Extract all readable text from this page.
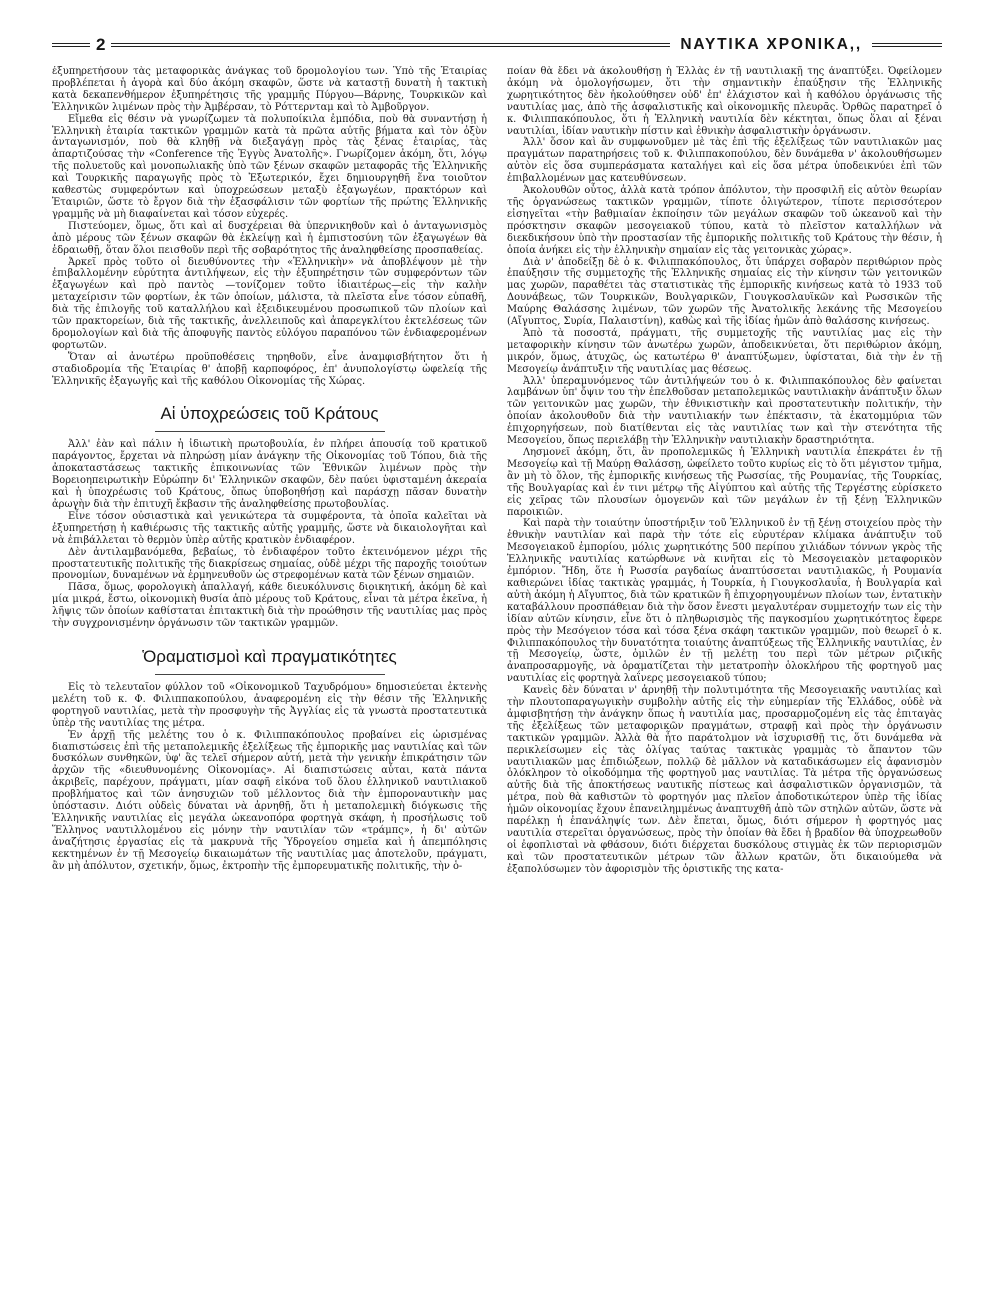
2	ΝΑΥΤΙΚΑ ΧΡΟΝΙΚΑ,,

ἐξυπηρετήσουν τὰς μεταφορικὰς ἀνάγκας τοῦ δρομολογίου των. Ὑπὸ τῆς Ἑταιρίας προβλέπεται ἡ ἀγορὰ καὶ δύο ἀκόμη σκαφῶν, ὥστε νὰ καταστῇ δυνατὴ ἡ τακτικὴ κατὰ δεκαπενθήμερον ἐξυπηρέτησις τῆς γραμμῆς Πύργου—Βάρνης, Τουρκικῶν καὶ Ἑλληνικῶν λιμένων πρὸς τὴν Ἀμβέρσαν, τὸ Ρόττερνταμ καὶ τὸ Ἀμβοῦργον.

Εἴμεθα εἰς θέσιν νὰ γνωρίζωμεν τὰ πολυποίκιλα ἐμπόδια, ποὺ θὰ συναντήσῃ ἡ Ἑλληνικὴ ἑταιρία τακτικῶν γραμμῶν κατὰ τὰ πρῶτα αὐτῆς βήματα καὶ τὸν ὀξὺν ἀνταγωνισμόν, ποὺ θὰ κληθῇ νὰ διεξαγάγῃ πρὸς τὰς ξένας ἑταιρίας, τὰς ἀπαρτιζούσας τὴν «Conference τῆς Ἐγγὺς Ἀνατολῆς». Γνωρίζομεν ἀκόμη, ὅτι, λόγῳ τῆς πολυετοῦς καὶ μονοπωλιακῆς ὑπὸ τῶν ξένων σκαφῶν μεταφορᾶς τῆς Ἑλληνικῆς καὶ Τουρκικῆς παραγωγῆς πρὸς τὸ Ἐξωτερικόν, ἔχει δημιουργηθῆ ἕνα τοιοῦτον καθεστὼς συμφερόντων καὶ ὑποχρεώσεων μεταξὺ ἐξαγωγέων, πρακτόρων καὶ Ἑταιριῶν, ὥστε τὸ ἔργον διὰ τὴν ἐξασφάλισιν τῶν φορτίων τῆς πρώτης Ἑλληνικῆς γραμμῆς νὰ μὴ διαφαίνεται καὶ τόσον εὐχερές.

Πιστεύομεν, ὅμως, ὅτι καὶ αἱ δυσχέρειαι θὰ ὑπερνικηθοῦν καὶ ὁ ἀνταγωνισμὸς ἀπὸ μέρους τῶν ξένων σκαφῶν θὰ ἐκλείψῃ καὶ ἡ ἐμπιστοσύνη τῶν ἐξαγωγέων θὰ ἑδραιωθῇ, ὅταν ὅλοι πεισθοῦν περὶ τῆς σοβαρότητος τῆς ἀναληφθείσης προσπαθείας.

Ἀρκεῖ πρὸς τοῦτο οἱ διευθύνοντες τὴν «Ἑλληνικὴν» νὰ ἀποβλέψουν μὲ τὴν ἐπιβαλλομένην εὐρύτητα ἀντιλήψεων, εἰς τὴν ἐξυπηρέτησιν τῶν συμφερόντων τῶν ἐξαγωγέων καὶ πρὸ παντὸς —τονίζομεν τοῦτο ἰδιαιτέρως—εἰς τὴν καλὴν μεταχείρισιν τῶν φορτίων, ἐκ τῶν ὁποίων, μάλιστα, τὰ πλεῖστα εἶνε τόσον εὐπαθῆ, διὰ τῆς ἐπιλογῆς τοῦ καταλλήλου καὶ ἐξειδικευμένου προσωπικοῦ τῶν πλοίων καὶ τῶν πρακτορείων, διὰ τῆς τακτικῆς, ἀνελλειποῦς καὶ ἀπαρεγκλίτου ἐκτελέσεως τῶν δρομολογίων καὶ διὰ τῆς ἀποφυγῆς παντὸς εὐλόγου παραπόνου τῶν ἐνδιαφερομένων φορτωτῶν.

Ὅταν αἱ ἀνωτέρω προϋποθέσεις τηρηθοῦν, εἶνε ἀναμφισβήτητον ὅτι ἡ σταδιοδρομία τῆς Ἑταιρίας θ' ἀποβῇ καρποφόρος, ἐπ' ἀνυπολογίστῳ ὠφελείᾳ τῆς Ἑλληνικῆς ἐξαγωγῆς καὶ τῆς καθόλου Οἰκονομίας τῆς Χώρας.

Αἱ ὑποχρεώσεις τοῦ Κράτους

Ἀλλ' ἐὰν καὶ πάλιν ἡ ἰδιωτικὴ πρωτοβουλία, ἐν πλήρει ἀπουσίᾳ τοῦ κρατικοῦ παράγοντος, ἔρχεται νὰ πληρώσῃ μίαν ἀνάγκην τῆς Οἰκονομίας τοῦ Τόπου, διὰ τῆς ἀποκαταστάσεως τακτικῆς ἐπικοινωνίας τῶν Ἐθνικῶν λιμένων πρὸς τὴν Βορειοηπειρωτικὴν Εὐρώπην δι' Ἑλληνικῶν σκαφῶν, δὲν παύει ὑφισταμένη ἀκεραία καὶ ἡ ὑποχρέωσις τοῦ Κράτους, ὅπως ὑποβοηθήσῃ καὶ παράσχῃ πᾶσαν δυνατὴν ἀρωγὴν διὰ τὴν ἐπιτυχῆ ἔκβασιν τῆς ἀναληφθείσης πρωτοβουλίας.

Εἶνε τόσον οὐσιαστικὰ καὶ γενικώτερα τὰ συμφέροντα, τὰ ὁποῖα καλεῖται νὰ ἐξυπηρετήσῃ ἡ καθιέρωσις τῆς τακτικῆς αὐτῆς γραμμῆς, ὥστε νὰ δικαιολογῆται καὶ νὰ ἐπιβάλλεται τὸ θερμὸν ὑπὲρ αὐτῆς κρατικὸν ἐνδιαφέρον.

Δὲν ἀντιλαμβανόμεθα, βεβαίως, τὸ ἐνδιαφέρον τοῦτο ἐκτεινόμενον μέχρι τῆς προστατευτικῆς πολιτικῆς τῆς διακρίσεως σημαίας, οὐδὲ μέχρι τῆς παροχῆς τοιούτων προνομίων, δυναμένων νὰ ἑρμηνευθοῦν ὡς στρεφομένων κατὰ τῶν ξένων σημαιῶν.

Πᾶσα, ὅμως, φορολογικὴ ἀπαλλαγή, κάθε διευκόλυνσις διοικητική, ἀκόμη δὲ καὶ μία μικρά, ἔστω, οἰκονομικὴ θυσία ἀπὸ μέρους τοῦ Κράτους, εἶναι τὰ μέτρα ἐκεῖνα, ἡ λῆψις τῶν ὁποίων καθίσταται ἐπιτακτικὴ διὰ τὴν προώθησιν τῆς ναυτιλίας μας πρὸς τὴν συγχρονισμένην ὀργάνωσιν τῶν τακτικῶν γραμμῶν.

Ὁραματισμοὶ καὶ πραγματικότητες

Εἰς τὸ τελευταῖον φύλλον τοῦ «Οἰκονομικοῦ Ταχυδρόμου» δημοσιεύεται ἐκτενὴς μελέτη τοῦ κ. Φ. Φιλιππακοπούλου, ἀναφερομένη εἰς τὴν θέσιν τῆς Ἑλληνικῆς φορτηγοῦ ναυτιλίας, μετὰ τὴν προσφυγὴν τῆς Ἀγγλίας εἰς τὰ γνωστὰ προστατευτικὰ ὑπὲρ τῆς ναυτιλίας της μέτρα.

Ἐν ἀρχῇ τῆς μελέτης του ὁ κ. Φιλιππακόπουλος προβαίνει εἰς ὡρισμένας διαπιστώσεις ἐπὶ τῆς μεταπολεμικῆς ἐξελίξεως τῆς ἐμπορικῆς μας ναυτιλίας καὶ τῶν δυσκόλων συνθηκῶν, ὑφ' ἃς τελεῖ σήμερον αὐτή, μετὰ τὴν γενικὴν ἐπικράτησιν τῶν ἀρχῶν τῆς «διευθυνομένης Οἰκονομίας». Αἱ διαπιστώσεις αὗται, κατὰ πάντα ἀκριβεῖς, παρέχουν, πράγματι, μίαν σαφῆ εἰκόνα τοῦ ὅλου ἑλληνικοῦ ναυτιλιακοῦ προβλήματος καὶ τῶν ἀνησυχιῶν τοῦ μέλλοντος διὰ τὴν ἐμποροναυτικὴν μας ὑπόστασιν. Διότι οὐδεὶς δύναται νὰ ἀρνηθῇ, ὅτι ἡ μεταπολεμικὴ διόγκωσις τῆς Ἑλληνικῆς ναυτιλίας εἰς μεγάλα ὠκεανοπόρα φορτηγὰ σκάφη, ἡ προσήλωσις τοῦ Ἕλληνος ναυτιλλομένου εἰς μόνην τὴν ναυτιλίαν τῶν «τράμπς», ἡ δι' αὐτῶν ἀναζήτησις ἐργασίας εἰς τὰ μακρυνὰ τῆς Ὑδρογείου σημεῖα καὶ ἡ ἀπεμπόλησις κεκτημένων ἐν τῇ Μεσογείῳ δικαιωμάτων τῆς ναυτιλίας μας ἀποτελοῦν, πράγματι, ἂν μὴ ἀπόλυτον, σχετικήν, ὅμως, ἐκτροπὴν τῆς ἐμπορευματικῆς πολιτικῆς, τὴν ὁ-

ποίαν θὰ ἔδει νὰ ἀκολουθήσῃ ἡ Ἑλλὰς ἐν τῇ ναυτιλιακῇ της ἀναπτύξει. Ὀφείλομεν ἀκόμη νὰ ὁμολογήσωμεν, ὅτι τὴν σημαντικὴν ἐπαύξησιν τῆς Ἑλληνικῆς χωρητικότητος δὲν ἠκολούθησεν οὐδ' ἐπ' ἐλάχιστον καὶ ἡ καθόλου ὀργάνωσις τῆς ναυτιλίας μας, ἀπὸ τῆς ἀσφαλιστικῆς καὶ οἰκονομικῆς πλευρᾶς. Ὀρθῶς παρατηρεῖ ὁ κ. Φιλιππακόπουλος, ὅτι ἡ Ἑλληνικὴ ναυτιλία δὲν κέκτηται, ὅπως ὅλαι αἱ ξέναι ναυτιλίαι, ἰδίαν ναυτικὴν πίστιν καὶ ἐθνικὴν ἀσφαλιστικὴν ὀργάνωσιν.

Ἀλλ' ὅσον καὶ ἂν συμφωνοῦμεν μὲ τὰς ἐπὶ τῆς ἐξελίξεως τῶν ναυτιλιακῶν μας πραγμάτων παρατηρήσεις τοῦ κ. Φιλιππακοπούλου, δὲν δυνάμεθα ν' ἀκολουθήσωμεν αὐτὸν εἰς ὅσα συμπεράσματα καταλήγει καὶ εἰς ὅσα μέτρα ὑποδεικνύει ἐπὶ τῶν ἐπιβαλλομένων μας κατευθύνσεων.

Ἀκολουθῶν οὗτος, ἀλλὰ κατὰ τρόπον ἀπόλυτον, τὴν προσφιλῆ εἰς αὐτὸν θεωρίαν τῆς ὀργανώσεως τακτικῶν γραμμῶν, τίποτε ὀλιγώτερον, τίποτε περισσότερον εἰσηγεῖται «τὴν βαθμιαίαν ἐκποίησιν τῶν μεγάλων σκαφῶν τοῦ ὠκεανοῦ καὶ τὴν πρόσκτησιν σκαφῶν μεσογειακοῦ τύπου, κατὰ τὸ πλεῖστον καταλλήλων νὰ διεκδικήσουν ὑπὸ τὴν προστασίαν τῆς ἐμπορικῆς πολιτικῆς τοῦ Κράτους τὴν θέσιν, ἡ ὁποία ἀνήκει εἰς τὴν ἑλληνικὴν σημαίαν εἰς τὰς γειτονικὰς χώρας».

Διὰ ν' ἀποδείξῃ δὲ ὁ κ. Φιλιππακόπουλος, ὅτι ὑπάρχει σοβαρὸν περιθώριον πρὸς ἐπαύξησιν τῆς συμμετοχῆς τῆς Ἑλληνικῆς σημαίας εἰς τὴν κίνησιν τῶν γειτονικῶν μας χωρῶν, παραθέτει τὰς στατιστικὰς τῆς ἐμπορικῆς κινήσεως κατὰ τὸ 1933 τοῦ Δουνάβεως, τῶν Τουρκικῶν, Βουλγαρικῶν, Γιουγκοσλαυϊκῶν καὶ Ρωσσικῶν τῆς Μαύρης Θαλάσσης λιμένων, τῶν χωρῶν τῆς Ἀνατολικῆς λεκάνης τῆς Μεσογείου (Αἴγυπτος, Συρία, Παλαιστίνη), καθὼς καὶ τῆς ἰδίας ἡμῶν ἀπὸ θαλάσσης κινήσεως.

Ἀπὸ τὰ ποσοστά, πράγματι, τῆς συμμετοχῆς τῆς ναυτιλίας μας εἰς τὴν μεταφορικὴν κίνησιν τῶν ἀνωτέρω χωρῶν, ἀποδεικνύεται, ὅτι περιθώριον ἀκόμη, μικρόν, ὅμως, ἀτυχῶς, ὡς κατωτέρω θ' ἀναπτύξωμεν, ὑφίσταται, διὰ τὴν ἐν τῇ Μεσογείῳ ἀνάπτυξιν τῆς ναυτιλίας μας θέσεως.

Ἀλλ' ὑπεραμυνόμενος τῶν ἀντιλήψεών του ὁ κ. Φιλιππακόπουλος δὲν φαίνεται λαμβάνων ὑπ' ὄψιν του τὴν ἐπελθοῦσαν μεταπολεμικῶς ναυτιλιακὴν ἀνάπτυξιν ὅλων τῶν γειτονικῶν μας χωρῶν, τὴν ἐθνικιστικὴν καὶ προστατευτικὴν πολιτικήν, τὴν ὁποίαν ἀκολουθοῦν διὰ τὴν ναυτιλιακήν των ἐπέκτασιν, τὰ ἑκατομμύρια τῶν ἐπιχορηγήσεων, ποὺ διατίθενται εἰς τὰς ναυτιλίας των καὶ τὴν στενότητα τῆς Μεσογείου, ὅπως περιελάβῃ τὴν Ἑλληνικὴν ναυτιλιακὴν δραστηριότητα.

Λησμονεῖ ἀκόμη, ὅτι, ἂν προπολεμικῶς ἡ Ἑλληνικὴ ναυτιλία ἐπεκράτει ἐν τῇ Μεσογείῳ καὶ τῇ Μαύρῃ Θαλάσσῃ, ὠφείλετο τοῦτο κυρίως εἰς τὸ ὅτι μέγιστον τμῆμα, ἂν μὴ τὸ ὅλον, τῆς ἐμπορικῆς κινήσεως τῆς Ρωσσίας, τῆς Ρουμανίας, τῆς Τουρκίας, τῆς Βουλγαρίας καὶ ἐν τινι μέτρῳ τῆς Αἰγύπτου καὶ αὐτῆς τῆς Τεργέστης εὑρίσκετο εἰς χεῖρας τῶν πλουσίων ὁμογενῶν καὶ τῶν μεγάλων ἐν τῇ ξένῃ Ἑλληνικῶν παροικιῶν.

Καὶ παρὰ τὴν τοιαύτην ὑποστήριξιν τοῦ Ἑλληνικοῦ ἐν τῇ ξένῃ στοιχείου πρὸς τὴν ἐθνικὴν ναυτιλίαν καὶ παρὰ τὴν τότε εἰς εὐρυτέραν κλίμακα ἀνάπτυξιν τοῦ Μεσογειακοῦ ἐμπορίου, μόλις χωρητικότης 500 περίπου χιλιάδων τόννων γκρὸς τῆς Ἑλληνικῆς ναυτιλίας κατώρθωνε νὰ κινῆται εἰς τὸ Μεσογειακὸν μεταφορικὸν ἐμπόριον. Ἤδη, ὅτε ἡ Ρωσσία ραγδαίως ἀναπτύσσεται ναυτιλιακῶς, ἡ Ρουμανία καθιερώνει ἰδίας τακτικὰς γραμμάς, ἡ Τουρκία, ἡ Γιουγκοσλαυΐα, ἡ Βουλγαρία καὶ αὐτὴ ἀκόμη ἡ Αἴγυπτος, διὰ τῶν κρατικῶν ἢ ἐπιχορηγουμένων πλοίων των, ἐντατικὴν καταβάλλουν προσπάθειαν διὰ τὴν ὅσον ἔνεστι μεγαλυτέραν συμμετοχήν των εἰς τὴν ἰδίαν αὐτῶν κίνησιν, εἶνε ὅτι ὁ πληθωρισμὸς τῆς παγκοσμίου χωρητικότητος ἔφερε πρὸς τὴν Μεσόγειον τόσα καὶ τόσα ξένα σκάφη τακτικῶν γραμμῶν, ποὺ θεωρεῖ ὁ κ. Φιλιππακόπουλος τὴν δυνατότητα τοιαύτης ἀναπτύξεως τῆς Ἑλληνικῆς ναυτιλίας, ἐν τῇ Μεσογείῳ, ὥστε, ὁμιλῶν ἐν τῇ μελέτῃ του περὶ τῶν μέτρων ριζικῆς ἀναπροσαρμογῆς, νὰ ὁραματίζεται τὴν μετατροπὴν ὁλοκλήρου τῆς φορτηγοῦ μας ναυτιλίας εἰς φορτηγὰ λαΐνερς μεσογειακοῦ τύπου;

Κανεὶς δὲν δύναται ν' ἀρνηθῇ τὴν πολυτιμότητα τῆς Μεσογειακῆς ναυτιλίας καὶ τὴν πλουτοπαραγωγικὴν συμβολὴν αὐτῆς εἰς τὴν εὐημερίαν τῆς Ἑλλάδος, οὐδὲ νὰ ἀμφισβητήσῃ τὴν ἀνάγκην ὅπως ἡ ναυτιλία μας, προσαρμοζομένη εἰς τὰς ἐπιταγὰς τῆς ἐξελίξεως τῶν μεταφορικῶν πραγμάτων, στραφῇ καὶ πρὸς τὴν ὀργάνωσιν τακτικῶν γραμμῶν. Ἀλλὰ θὰ ἦτο παράτολμον νὰ ἰσχυρισθῇ τις, ὅτι δυνάμεθα νὰ περικλείσωμεν εἰς τὰς ὀλίγας ταύτας τακτικὰς γραμμὰς τὸ ἅπαντον τῶν ναυτιλιακῶν μας ἐπιδιώξεων, πολλῷ δὲ μᾶλλον νὰ καταδικάσωμεν εἰς ἀφανισμὸν ὁλόκληρον τὸ οἰκοδόμημα τῆς φορτηγοῦ μας ναυτιλίας. Τὰ μέτρα τῆς ὀργανώσεως αὐτῆς διὰ τῆς ἀποκτήσεως ναυτικῆς πίστεως καὶ ἀσφαλιστικῶν ὀργανισμῶν, τὰ μέτρα, ποὺ θὰ καθιστῶν τὸ φορτηγόν μας πλεῖον ἀποδοτικώτερον ὑπὲρ τῆς ἰδίας ἡμῶν οἰκονομίας ἔχουν ἐπανειλημμένως ἀναπτυχθῆ ἀπὸ τῶν στηλῶν αὐτῶν, ὥστε νὰ παρέλκῃ ἡ ἐπανάληψίς των. Δὲν ἔπεται, ὅμως, διότι σήμερον ἡ φορτηγός μας ναυτιλία στερεῖται ὀργανώσεως, πρὸς τὴν ὁποίαν θὰ ἔδει ἡ βραδίον θὰ ὑποχρεωθοῦν οἱ ἐφοπλισταὶ νὰ φθάσουν, διότι διέρχεται δυσκόλους στιγμὰς ἐκ τῶν περιορισμῶν καὶ τῶν προστατευτικῶν μέτρων τῶν ἄλλων κρατῶν, ὅτι δικαιούμεθα νὰ ἐξαπολύσωμεν τὸν ἀφορισμὸν τῆς ὁριστικῆς της κατα-
